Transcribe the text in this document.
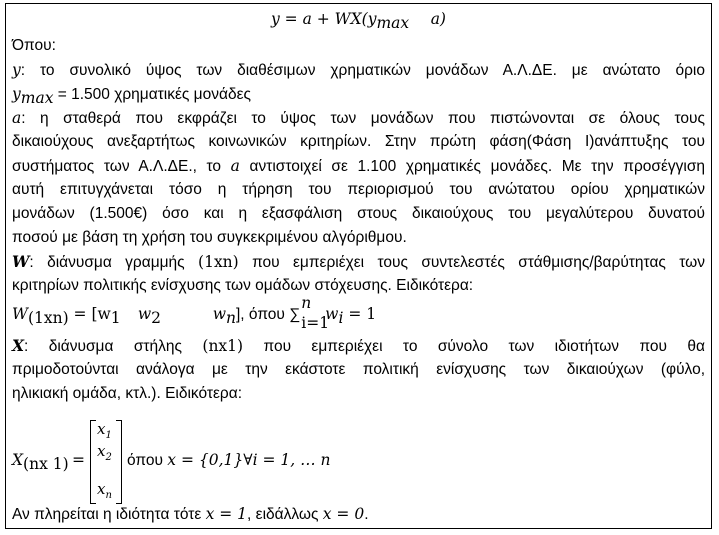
$y = a + WX(y_{max}$ a)
Όπου:
y: το συνολικό ύψος των διαθέσιμων χρηματικών μονάδων Α.Λ.ΔΕ. με ανώτατο όριο
$y_{max} = 1.500$ χρηματικές μονάδες
a: η σταθερά που εκφράζει το ύψος των μονάδων που πιστώνονται σε όλους τους
δικαιούχους ανεξαρτήτως κοινωνικών κριτηρίων. Στην πρώτη φάση(Φάση Ι)ανάπτυξης του
συστήματος των Α.Λ.ΔΕ., το a αντιστοιχεί σε 1.100 χρηματικές μονάδες. Με την προσέγγιση
αυτή επιτυγχάνεται τόσο η τήρηση του περιορισμού του ανώτατου ορίου χρηματικών
μονάδων (1.500€) όσο και η εξασφάλιση στους δικαιούχους του μεγαλύτερου δυνατού
ποσού με βάση τη χρήση του συγκεκριμένου αλγόριθμου.
W: διάνυσμα γραμμής (1xn) που εμπεριέχει τους συντελεστές στάθμισης/βαρύτητας των
κριτηρίων πολιτικής ενίσχυσης των ομάδων στόχευσης. Ειδικότερα:
$W_{(1xn)} = [w_1$ $w_2$	$w_n$], όπου ∑
n
i=1
$w_i = 1$
X: διάνυσμα στήλης (nx1) που εμπεριέχει το σύνολο των ιδιοτήτων που θα
πριμοδοτούνται ανάλογα με την εκάστοτε πολιτική ενίσχυσης των δικαιούχων (φύλο,
ηλικιακή ομάδα, κτλ.). Ειδικότερα:
$X_{(nx 1)}$ =
$x_1$
$x_2$
$x_n$
όπου x = {0,1}∀i = 1, … n
Αν πληρείται η ιδιότητα τότε x = 1, ειδάλλως x = 0.
